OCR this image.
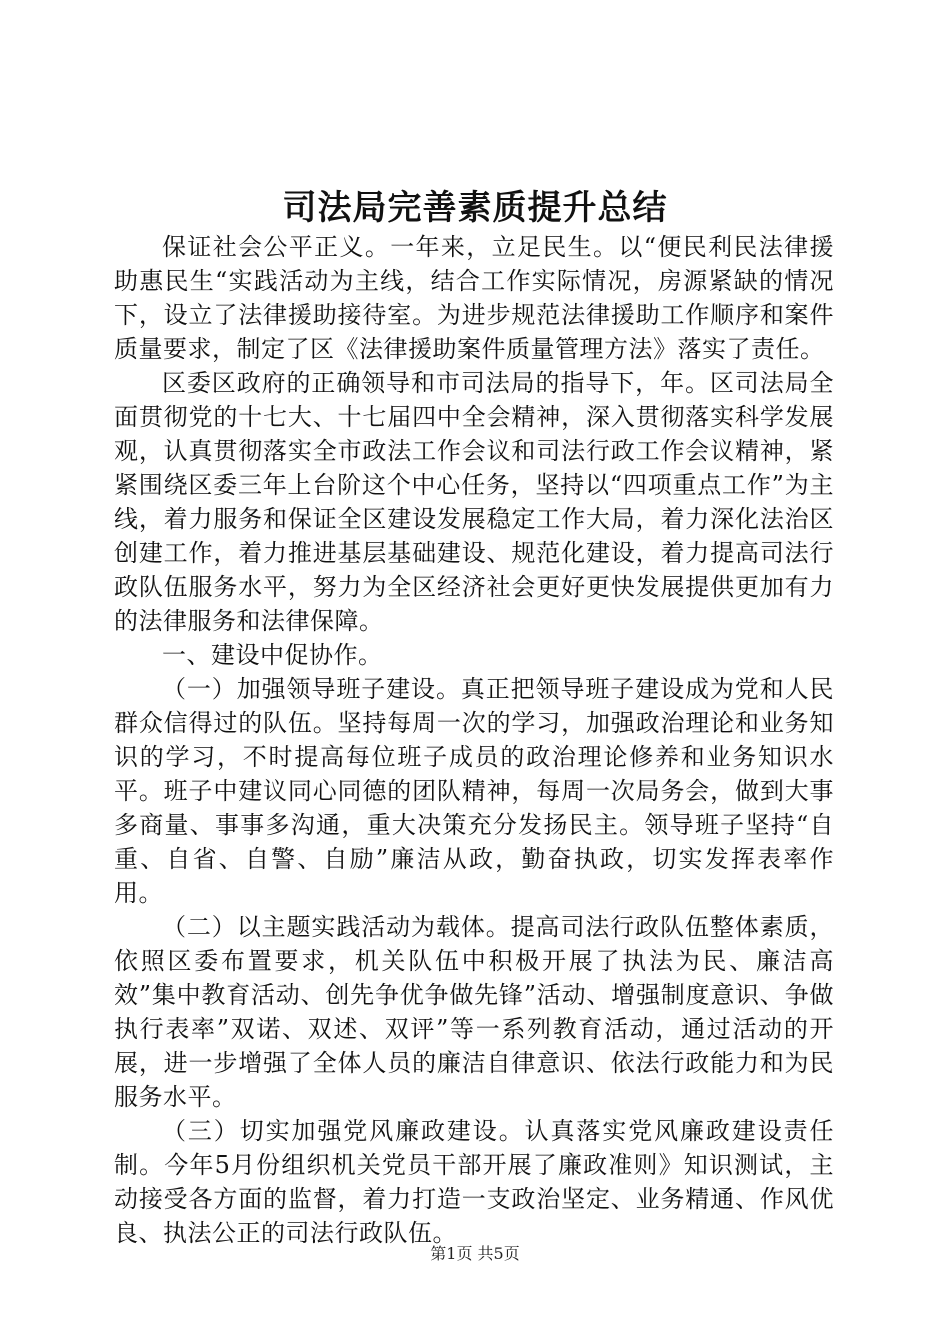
司法局完善素质提升总结

保证社会公平正义。一年来，立足民生。以“便民利民法律援助惠民生“实践活动为主线，结合工作实际情况，房源紧缺的情况下，设立了法律援助接待室。为进步规范法律援助工作顺序和案件质量要求，制定了区《法律援助案件质量管理方法》落实了责任。

区委区政府的正确领导和市司法局的指导下，年。区司法局全面贯彻党的十七大、十七届四中全会精神，深入贯彻落实科学发展观，认真贯彻落实全市政法工作会议和司法行政工作会议精神，紧紧围绕区委三年上台阶这个中心任务，坚持以“四项重点工作”为主线，着力服务和保证全区建设发展稳定工作大局，着力深化法治区创建工作，着力推进基层基础建设、规范化建设，着力提高司法行政队伍服务水平，努力为全区经济社会更好更快发展提供更加有力的法律服务和法律保障。

一、建设中促协作。

（一）加强领导班子建设。真正把领导班子建设成为党和人民群众信得过的队伍。坚持每周一次的学习，加强政治理论和业务知识的学习，不时提高每位班子成员的政治理论修养和业务知识水平。班子中建议同心同德的团队精神，每周一次局务会，做到大事多商量、事事多沟通，重大决策充分发扬民主。领导班子坚持“自重、自省、自警、自励”廉洁从政，勤奋执政，切实发挥表率作用。

（二）以主题实践活动为载体。提高司法行政队伍整体素质，依照区委布置要求，机关队伍中积极开展了执法为民、廉洁高效”集中教育活动、创先争优争做先锋”活动、增强制度意识、争做执行表率”双诺、双述、双评”等一系列教育活动，通过活动的开展，进一步增强了全体人员的廉洁自律意识、依法行政能力和为民服务水平。

（三）切实加强党风廉政建设。认真落实党风廉政建设责任制。今年5月份组织机关党员干部开展了廉政准则》知识测试，主动接受各方面的监督，着力打造一支政治坚定、业务精通、作风优良、执法公正的司法行政队伍。

第1页 共5页
